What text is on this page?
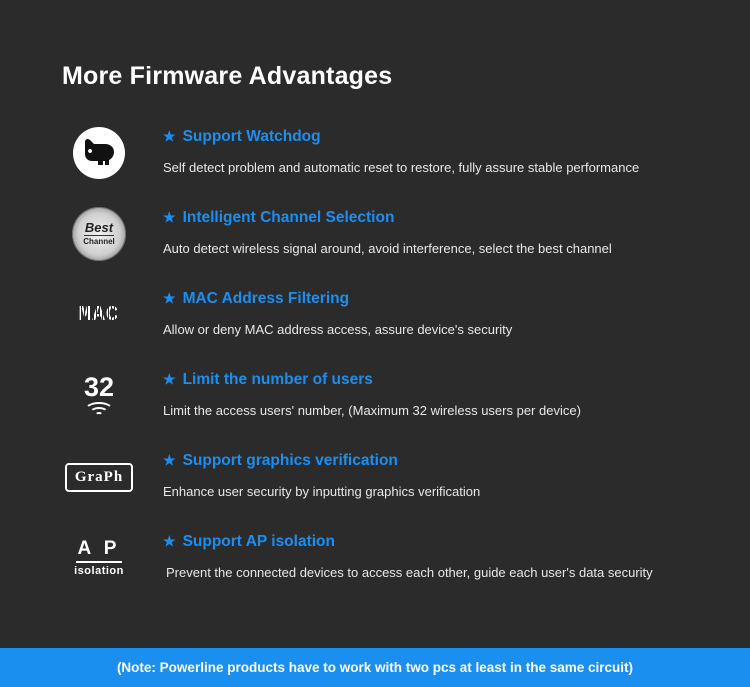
More Firmware Advantages
★ Support Watchdog
Self detect problem and automatic reset to restore, fully assure stable performance
Best
Channel
★ Intelligent Channel Selection
Auto detect wireless signal around, avoid interference, select the best channel
MAC
★ MAC Address Filtering
Allow or deny MAC address access, assure device's security
32	★ Limit the number of users
Limit the access users' number, (Maximum 32 wireless users per device)
GraPh
★ Support graphics verification
Enhance user security by inputting graphics verification
A P
isolation
★ Support AP isolation
Prevent the connected devices to access each other, guide each user's data security
(Note: Powerline products have to work with two pcs at least in the same circuit)
